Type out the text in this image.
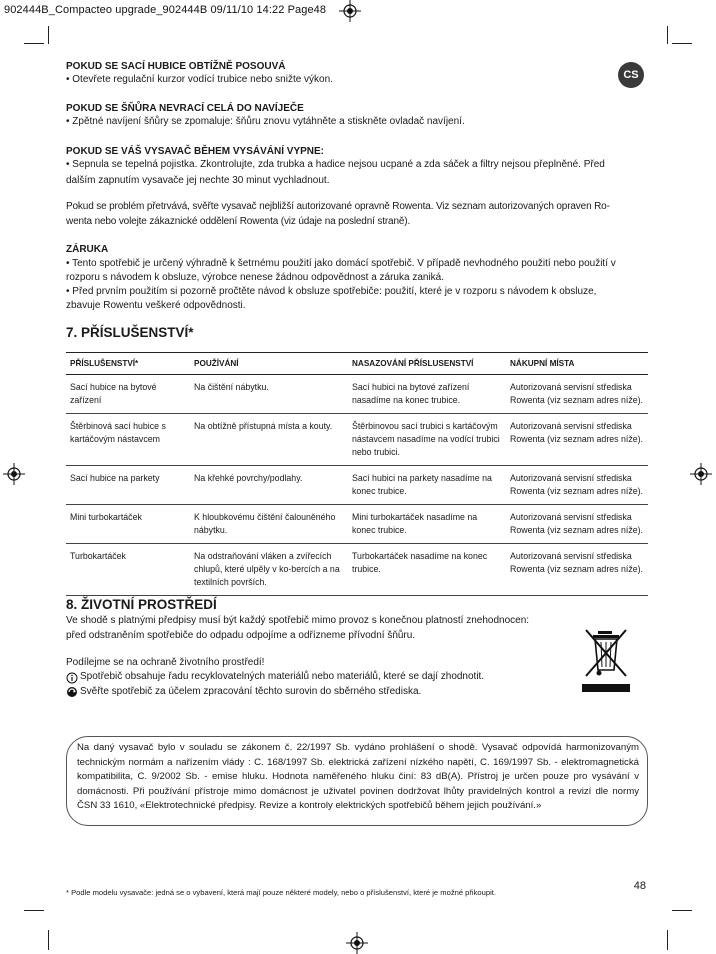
902444B_Compacteo upgrade_902444B 09/11/10 14:22 Page48
CS
POKUD SE SACÍ HUBICE OBTÍŽNĚ POSOUVÁ
• Otevřete regulační kurzor vodící trubice nebo snižte výkon.
POKUD SE ŠŇŮRA NEVRACÍ CELÁ DO NAVÍJEČE
• Zpětné navíjení šňůry se zpomaluje: šňůru znovu vytáhněte a stiskněte ovladač navíjení.
POKUD SE VÁŠ VYSAVAČ BĚHEM VYSÁVÁNÍ VYPNE:
• Sepnula se tepelná pojistka. Zkontrolujte, zda trubka a hadice nejsou ucpané a zda sáček a filtry nejsou přeplněné. Před
dalším zapnutím vysavače jej nechte 30 minut vychladnout.
Pokud se problém přetrvává, svěřte vysavač nejbližší autorizované opravně Rowenta. Viz seznam autorizovaných opraven Ro-
wenta nebo volejte zákaznické oddělení Rowenta (viz údaje na poslední straně).
ZÁRUKA
• Tento spotřebič je určený výhradně k šetrnému použití jako domácí spotřebič. V případě nevhodného použití nebo použití v
rozporu s návodem k obsluze, výrobce nenese žádnou odpovědnost a záruka zaniká.
• Před prvním použitím si pozorně pročtěte návod k obsluze spotřebiče: použití, které je v rozporu s návodem k obsluze,
zbavuje Rowentu veškeré odpovědnosti.
7. PŘÍSLUŠENSTVÍ*
PŘÍSLUŠENSTVÍ*	POUŽÍVÁNÍ	NASAZOVÁNÍ PŘÍSLUSENSTVÍ	NÁKUPNÍ MÍSTA
Sací hubice na bytové zařízení	Na čištění nábytku.	Sací hubici na bytové zařízení nasadíme na konec trubice.	Autorizovaná servisní střediska Rowenta (viz seznam adres níže).
Štěrbinová sací hubice s kartáčovým nástavcem	Na obtížně přístupná místa a kouty.	Štěrbinovou sací trubici s kartáčovým nástavcem nasadíme na vodící trubici nebo trubici.	Autorizovaná servisní střediska Rowenta (viz seznam adres níže).
Sací hubice na parkety	Na křehké povrchy/podlahy.	Sací hubici na parkety nasadíme na konec trubice.	Autorizovaná servisní střediska Rowenta (viz seznam adres níže).
Mini turbokartáček	K hloubkovému čištění čalouněného nábytku.	Mini turbokartáček nasadíme na konec trubice.	Autorizovaná servisní střediska Rowenta (viz seznam adres níže).
Turbokartáček	Na odstraňování vláken a zvířecích chlupů, které ulpěly v ko-bercích a na textilních površích.	Turbokartáček nasadíme na konec trubice.	Autorizovaná servisní střediska Rowenta (viz seznam adres níže).
8. ŽIVOTNÍ PROSTŘEDÍ
Ve shodě s platnými předpisy musí být každý spotřebič mimo provoz s konečnou platností znehodnocen:
před odstraněním spotřebiče do odpadu odpojíme a odřízneme přívodní šňůru.
Podílejme se na ochraně životního prostředí!
Spotřebič obsahuje řadu recyklovatelných materiálů nebo materiálů, které se dají zhodnotit.
Svěřte spotřebič za účelem zpracování těchto surovin do sběrného střediska.
Na daný vysavač bylo v souladu se zákonem č. 22/1997 Sb. vydáno prohlášení o shodě. Vysavač odpovídá harmonizovaným technickým normám a nařízením vlády : C. 168/1997 Sb. elektrická zařízení nízkého napětí, C. 169/1997 Sb. - elektromagnetická kompatibilita, C. 9/2002 Sb. - emise hluku. Hodnota naměřeného hluku činí: 83 dB(A). Přístroj je určen pouze pro vysávání v domácnosti. Při používání přístroje mimo domácnost je uživatel povinen dodržovat lhůty pravidelných kontrol a revizí dle normy ČSN 33 1610, «Elektrotechnické předpisy. Revize a kontroly elektrických spotřebičů během jejich používání.»
48
* Podle modelu vysavače: jedná se o vybavení, která mají pouze některé modely, nebo o příslušenství, které je možné přikoupit.
